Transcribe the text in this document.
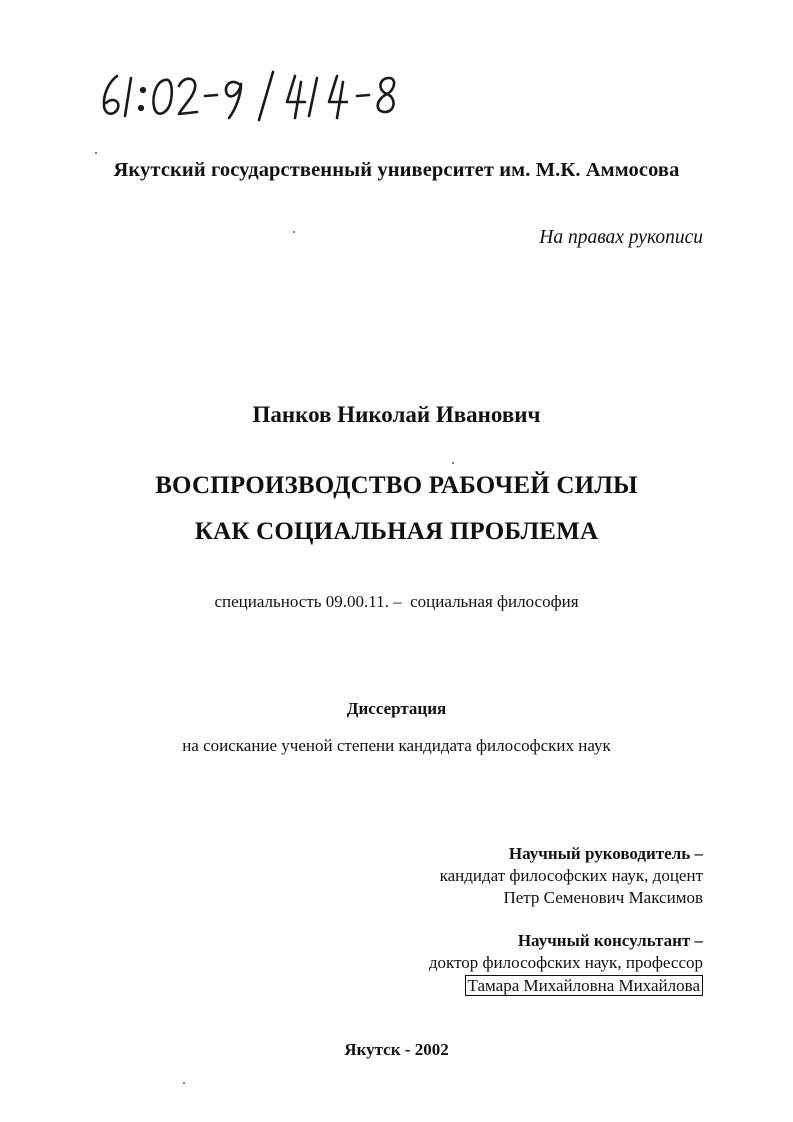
Якутский государственный университет им. М.К. Аммосова
На правах рукописи
Панков Николай Иванович
ВОСПРОИЗВОДСТВО РАБОЧЕЙ СИЛЫ
КАК СОЦИАЛЬНАЯ ПРОБЛЕМА
специальность 09.00.11. –  социальная философия
Диссертация
на соискание ученой степени кандидата философских наук
Научный руководитель –
кандидат философских наук, доцент
Петр Семенович Максимов
Научный консультант –
доктор философских наук, профессор
Тамара Михайловна Михайлова
Якутск - 2002
